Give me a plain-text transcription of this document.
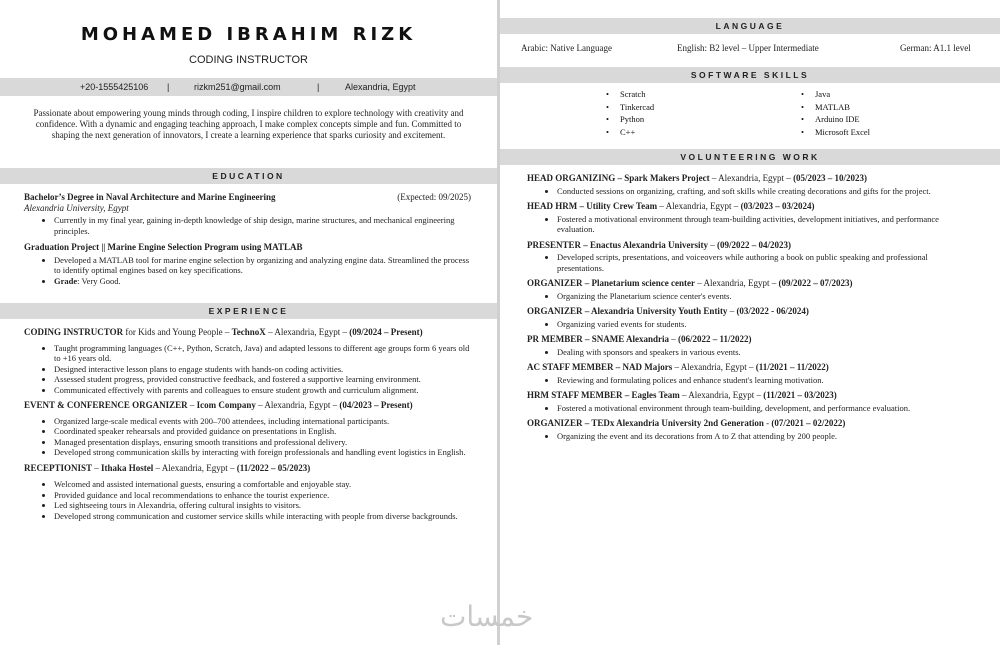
MOHAMED IBRAHIM RIZK
CODING INSTRUCTOR
+20-1555425106 |	rizkm251@gmail.com	|	Alexandria, Egypt
Passionate about empowering young minds through coding, I inspire children to explore technology with creativity and confidence. With a dynamic and engaging teaching approach, I make complex concepts simple and fun. Committed to shaping the next generation of innovators, I create a learning experience that sparks curiosity and excitement.
EDUCATION
Bachelor’s Degree in Naval Architecture and Marine Engineering	(Expected: 09/2025)
Alexandria University, Egypt
• Currently in my final year, gaining in-depth knowledge of ship design, marine structures, and mechanical engineering principles.
Graduation Project || Marine Engine Selection Program using MATLAB
• Developed a MATLAB tool for marine engine selection by organizing and analyzing engine data. Streamlined the process to identify optimal engines based on key specifications.
• Grade: Very Good.
EXPERIENCE
CODING INSTRUCTOR for Kids and Young People – TechnoX – Alexandria, Egypt – (09/2024 – Present)
• Taught programming languages (C++, Python, Scratch, Java) and adapted lessons to different age groups form 6 years old to +16 years old.
• Designed interactive lesson plans to engage students with hands-on coding activities.
• Assessed student progress, provided constructive feedback, and fostered a supportive learning environment.
• Communicated effectively with parents and colleagues to ensure student growth and curriculum alignment.
EVENT & CONFERENCE ORGANIZER – Icom Company – Alexandria, Egypt – (04/2023 – Present)
• Organized large-scale medical events with 200–700 attendees, including international participants.
• Coordinated speaker rehearsals and provided guidance on presentations in English.
• Managed presentation displays, ensuring smooth transitions and professional delivery.
• Developed strong communication skills by interacting with foreign professionals and handling event logistics in English.
RECEPTIONIST – Ithaka Hostel – Alexandria, Egypt – (11/2022 – 05/2023)
• Welcomed and assisted international guests, ensuring a comfortable and enjoyable stay.
• Provided guidance and local recommendations to enhance the tourist experience.
• Led sightseeing tours in Alexandria, offering cultural insights to visitors.
• Developed strong communication and customer service skills while interacting with people from diverse backgrounds.
LANGUAGE
Arabic: Native Language	English: B2 level – Upper Intermediate	German: A1.1 level
SOFTWARE SKILLS
• Scratch
• Tinkercad
• Python
• C++
• Java
• MATLAB
• Arduino IDE
• Microsoft Excel
VOLUNTEERING WORK
HEAD ORGANIZING – Spark Makers Project – Alexandria, Egypt – (05/2023 – 10/2023)
• Conducted sessions on organizing, crafting, and soft skills while creating decorations and gifts for the project.
HEAD HRM – Utility Crew Team – Alexandria, Egypt – (03/2023 – 03/2024)
• Fostered a motivational environment through team-building activities, development initiatives, and performance evaluation.
PRESENTER – Enactus Alexandria University – (09/2022 – 04/2023)
• Developed scripts, presentations, and voiceovers while authoring a book on public speaking and professional presentations.
ORGANIZER – Planetarium science center – Alexandria, Egypt – (09/2022 – 07/2023)
• Organizing the Planetarium science center's events.
ORGANIZER – Alexandria University Youth Entity – (03/2022 - 06/2024)
• Organizing varied events for students.
PR MEMBER – SNAME Alexandria – (06/2022 – 11/2022)
• Dealing with sponsors and speakers in various events.
AC STAFF MEMBER – NAD Majors – Alexandria, Egypt – (11/2021 – 11/2022)
• Reviewing and formulating polices and enhance student's learning motivation.
HRM STAFF MEMBER – Eagles Team – Alexandria, Egypt – (11/2021 – 03/2023)
• Fostered a motivational environment through team-building, development, and performance evaluation.
ORGANIZER – TEDx Alexandria University 2nd Generation - (07/2021 – 02/2022)
• Organizing the event and its decorations from A to Z that attending by 200 people.
خمسات
